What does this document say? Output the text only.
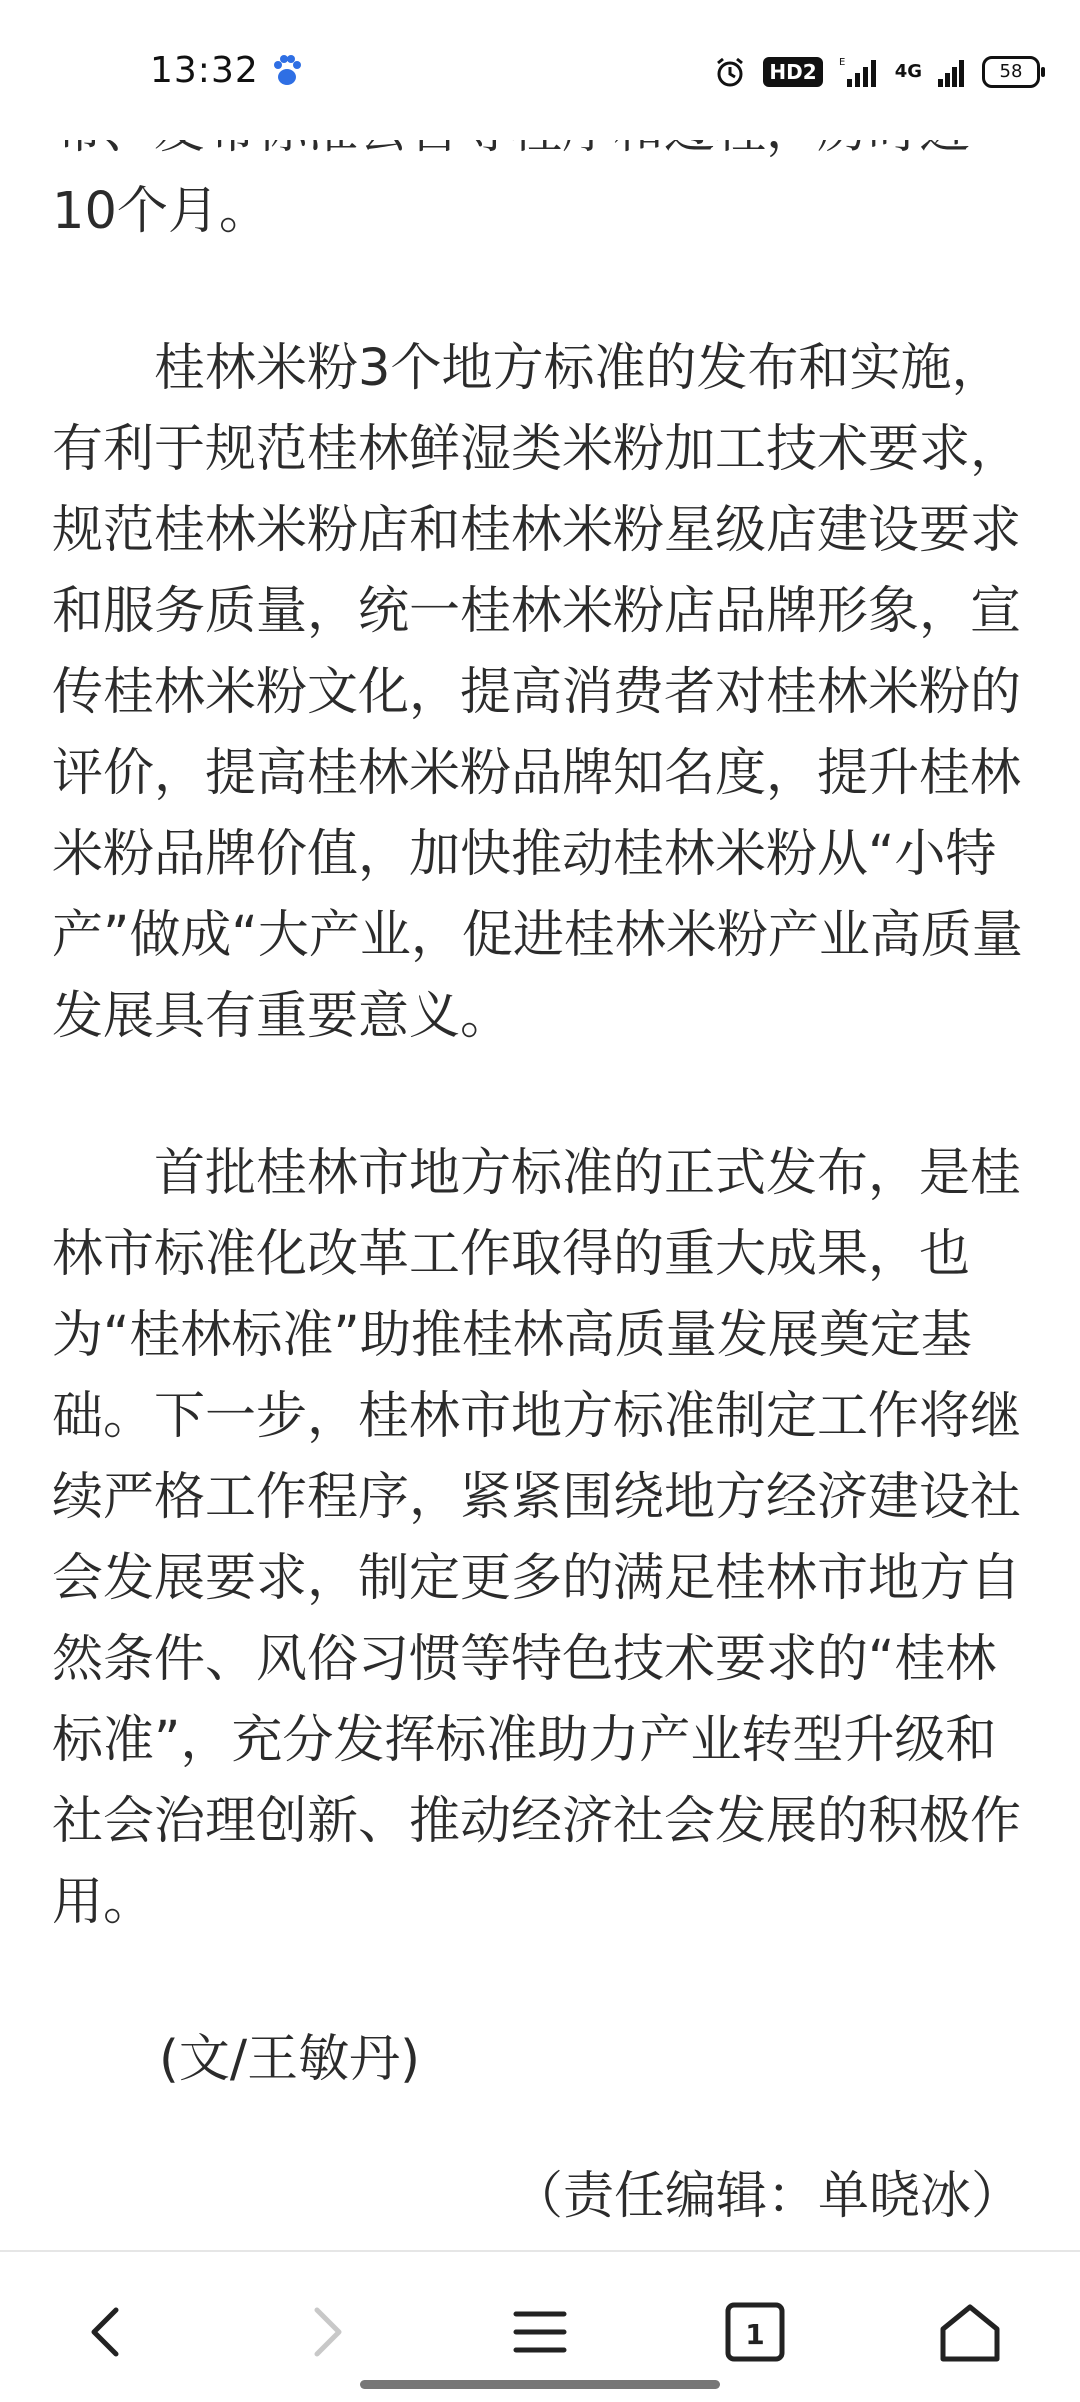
13:32	HD2	E	4G	58

10个月。

桂林米粉3个地方标准的发布和实施，有利于规范桂林鲜湿类米粉加工技术要求，规范桂林米粉店和桂林米粉星级店建设要求和服务质量，统一桂林米粉店品牌形象，宣传桂林米粉文化，提高消费者对桂林米粉的评价，提高桂林米粉品牌知名度，提升桂林米粉品牌价值，加快推动桂林米粉从“小特产”做成“大产业，促进桂林米粉产业高质量发展具有重要意义。

首批桂林市地方标准的正式发布，是桂林市标准化改革工作取得的重大成果，也为“桂林标准”助推桂林高质量发展奠定基础。下一步，桂林市地方标准制定工作将继续严格工作程序，紧紧围绕地方经济建设社会发展要求，制定更多的满足桂林市地方自然条件、风俗习惯等特色技术要求的“桂林标准”，充分发挥标准助力产业转型升级和社会治理创新、推动经济社会发展的积极作用。

(文/王敏丹)

（责任编辑：单晓冰）

1
